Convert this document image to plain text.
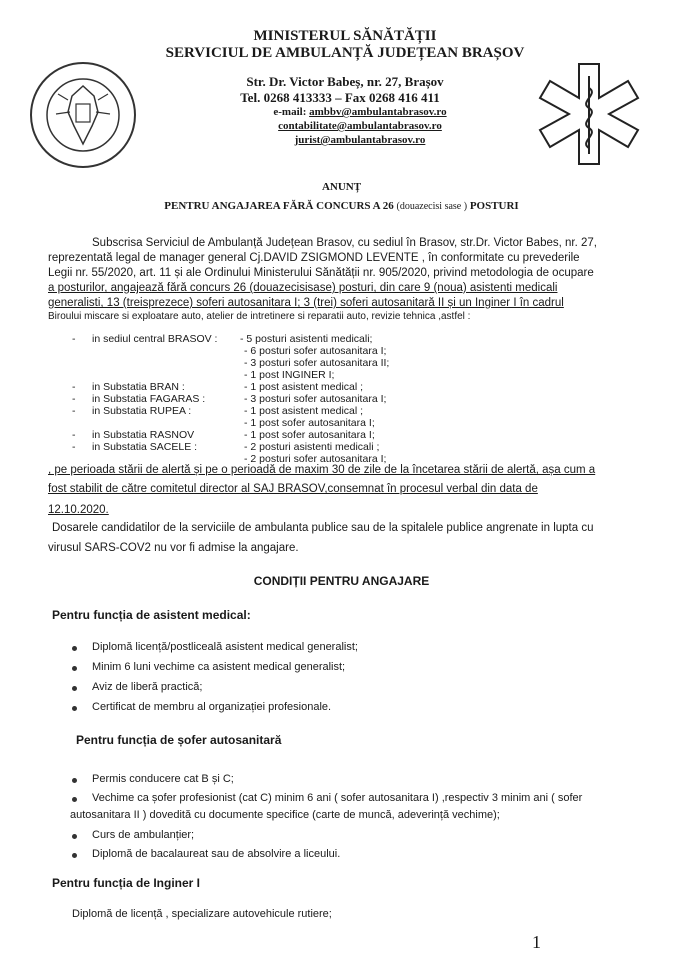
MINISTERUL SĂNĂTĂȚII
SERVICIUL DE AMBULANȚĂ JUDEȚEAN BRAȘOV
Str. Dr. Victor Babeș, nr. 27, Brașov
Tel. 0268 413333 – Fax 0268 416 411
e-mail: ambbv@ambulantabrasov.ro
contabilitate@ambulantabrasov.ro
jurist@ambulantabrasov.ro
ANUNȚ
PENTRU ANGAJAREA FĂRĂ CONCURS A 26 (douazecisi sase ) POSTURI
Subscrisa Serviciul de Ambulanță Județean Brasov, cu sediul în Brasov, str.Dr. Victor Babes, nr. 27,
reprezentată legal de manager general Cj.DAVID ZSIGMOND LEVENTE , în conformitate cu prevederile
Legii nr. 55/2020, art. 11 și ale Ordinului Ministerului Sănătății nr. 905/2020, privind metodologia de ocupare
a posturilor, angajează fără concurs 26 (douazecisisase) posturi, din care 9 (noua) asistenti medicali
generalisti, 13 (treisprezece) soferi autosanitara I; 3 (trei) soferi autosanitară II și un Inginer I în cadrul
Biroului miscare si exploatare auto, atelier de intretinere si reparatii auto, revizie tehnica ,astfel :
- in sediul central BRASOV : - 5 posturi asistenti medicali;
- 6 posturi sofer autosanitara I;
- 3 posturi sofer autosanitara II;
- 1 post INGINER I;
- in Substatia BRAN :	- 1 post asistent medical ;
- in Substatia FAGARAS :	- 3 posturi sofer autosanitara I;
- in Substatia RUPEA :	- 1 post asistent medical ;
- 1 post sofer autosanitara I;
- in Substatia RASNOV	- 1 post sofer autosanitara I;
- in Substatia SACELE :	- 2 posturi asistenti medicali ;
- 2 posturi sofer autosanitara I;
, pe perioada stării de alertă și pe o perioadă de maxim 30 de zile de la încetarea stării de alertă, așa cum a
fost stabilit de către comitetul director al SAJ BRASOV,consemnat în procesul verbal din data de
12.10.2020.
Dosarele candidatilor de la serviciile de ambulanta publice sau de la spitalele publice angrenate in lupta cu
virusul SARS-COV2 nu vor fi admise la angajare.
CONDIȚII PENTRU ANGAJARE
Pentru funcția de asistent medical:
Diplomă licență/postliceală asistent medical generalist;
Minim 6 luni vechime ca asistent medical generalist;
Aviz de liberă practică;
Certificat de membru al organizației profesionale.
Pentru funcția de șofer autosanitară
Permis conducere cat B și C;
Vechime ca șofer profesionist (cat C) minim 6 ani ( sofer autosanitara I) ,respectiv 3 minim ani ( sofer
autosanitara II ) dovedită cu documente specifice (carte de muncă, adeverință vechime);
Curs de ambulanțier;
Diplomă de bacalaureat sau de absolvire a liceului.
Pentru funcția de Inginer I
Diplomă de licență , specializare autovehicule rutiere;
1
